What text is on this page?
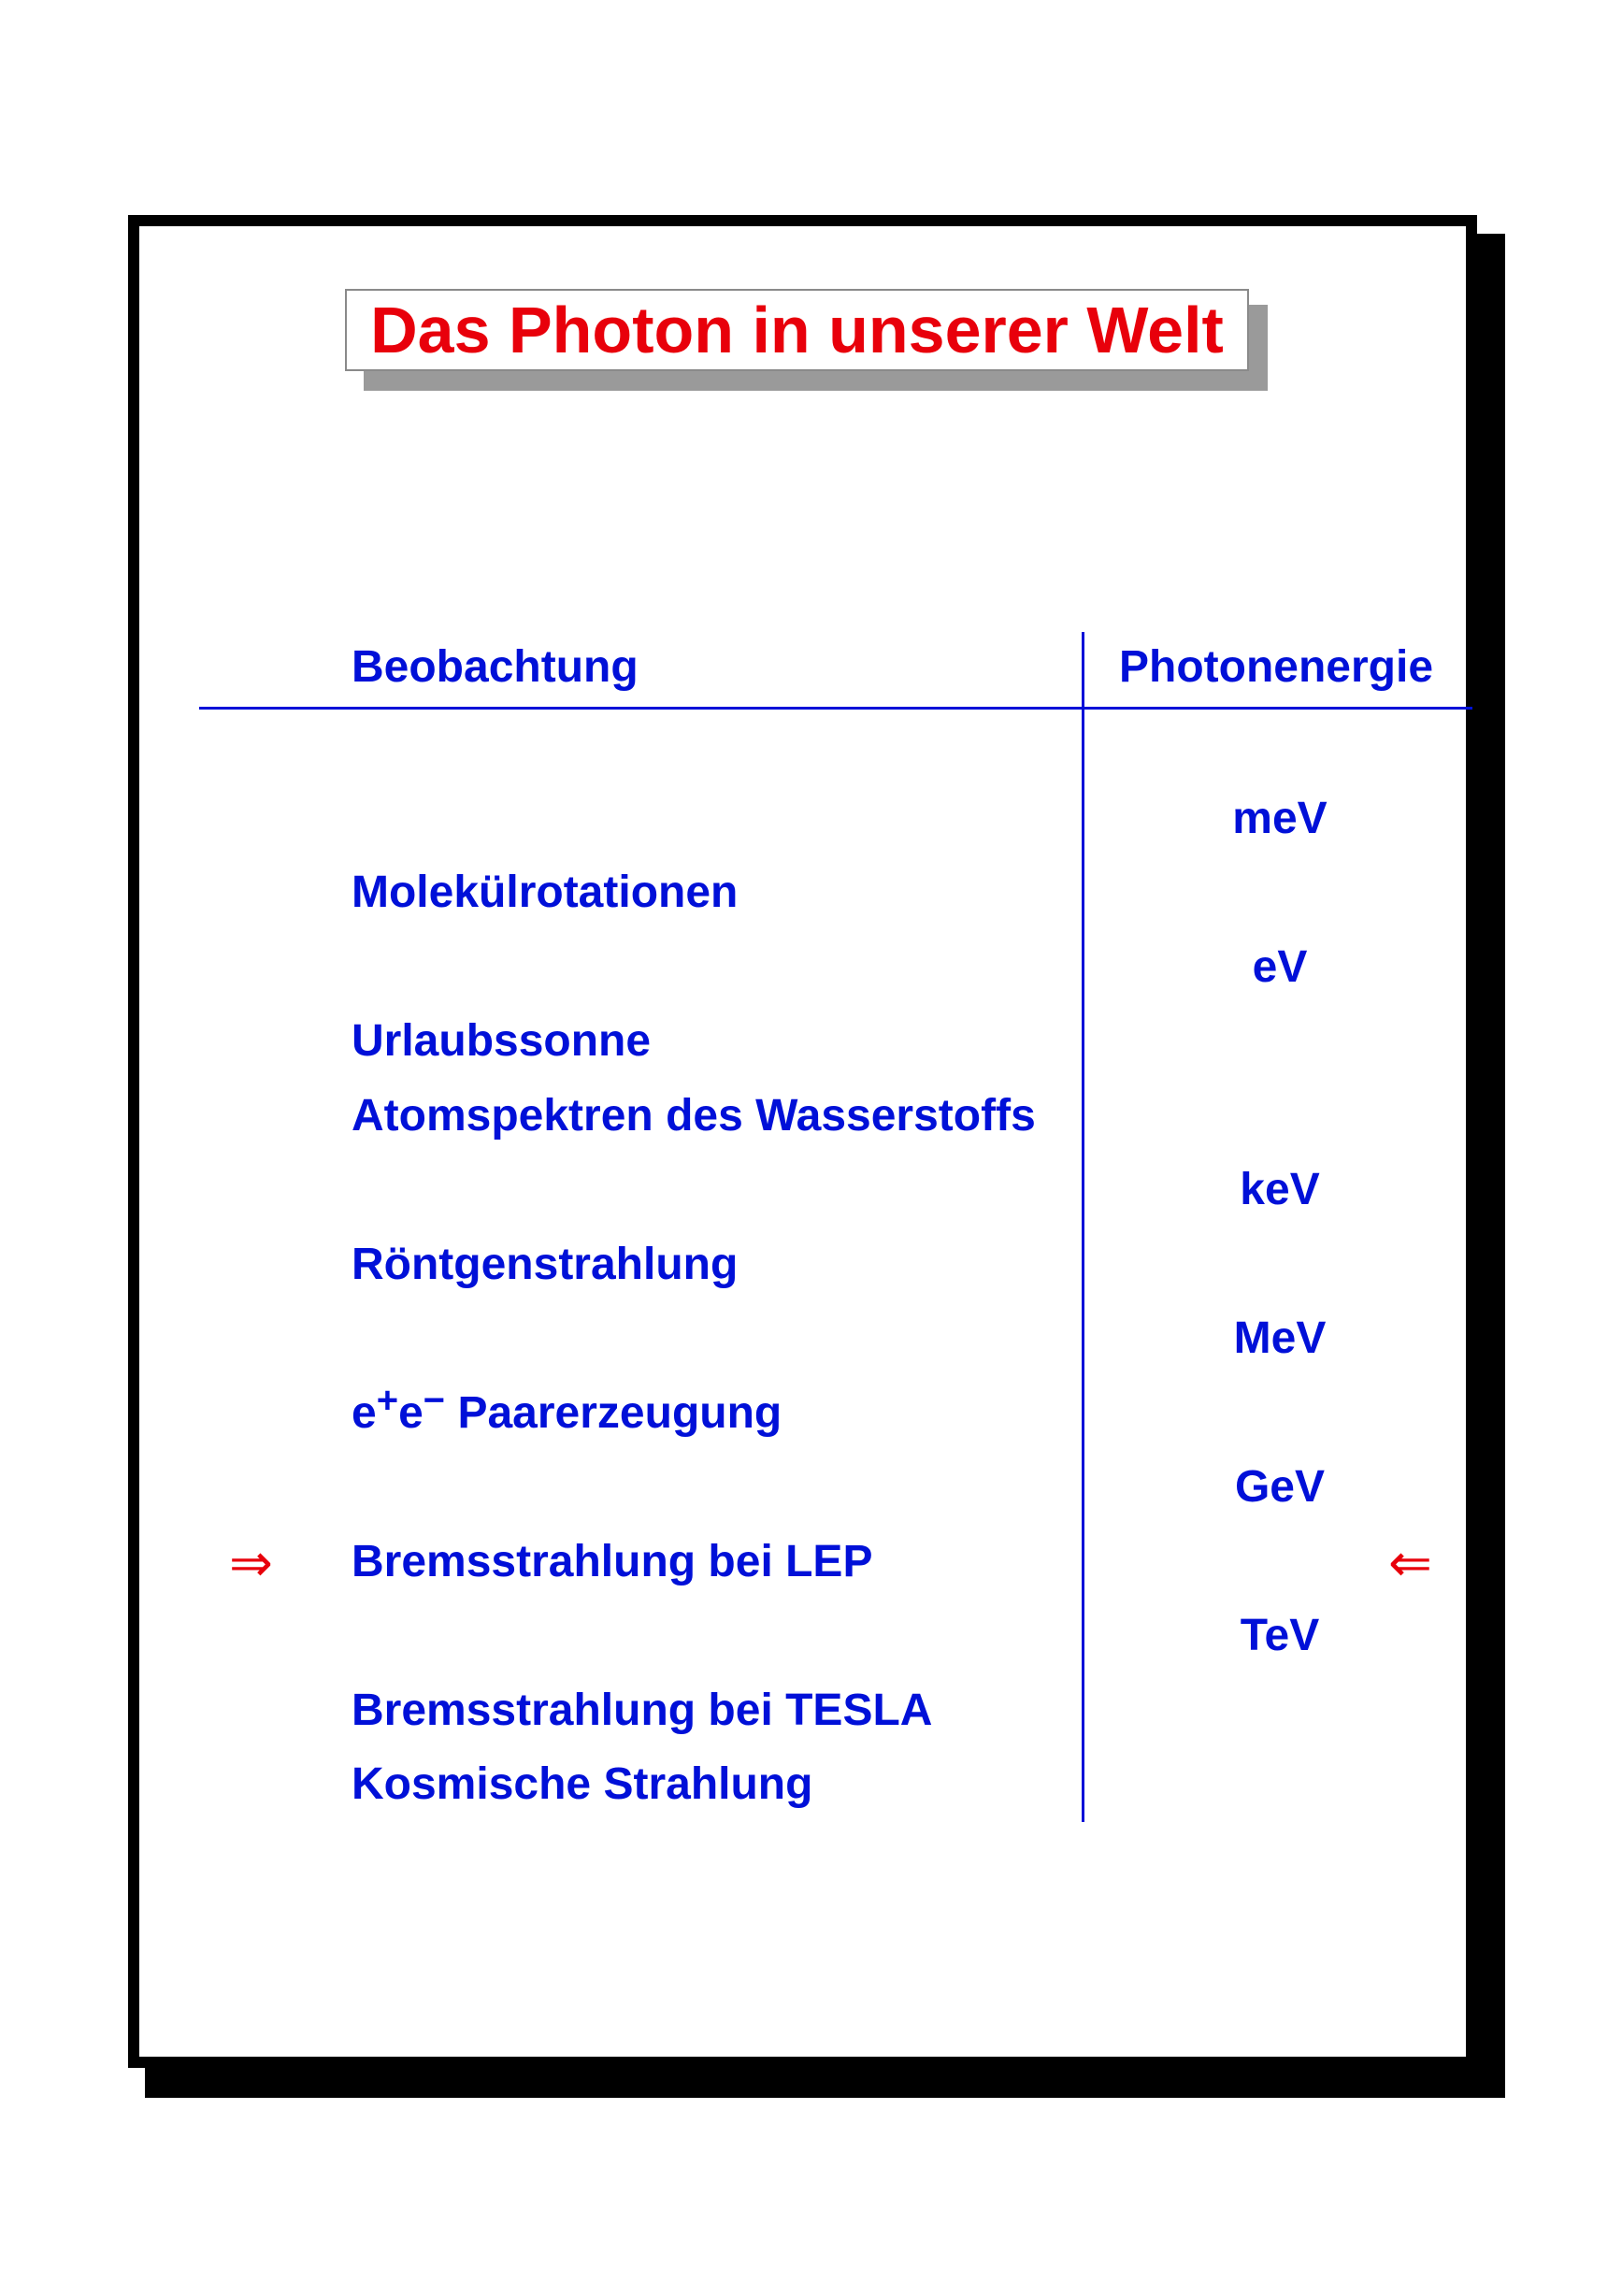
Das Photon in unserer Welt
Beobachtung	Photonenergie
meV
Molekülrotationen
eV
Urlaubssonne
Atomspektren des Wasserstoffs
keV
Röntgenstrahlung
MeV
e+e− Paarerzeugung
GeV
⇒ Bremsstrahlung bei LEP	⇐
TeV
Bremsstrahlung bei TESLA
Kosmische Strahlung
